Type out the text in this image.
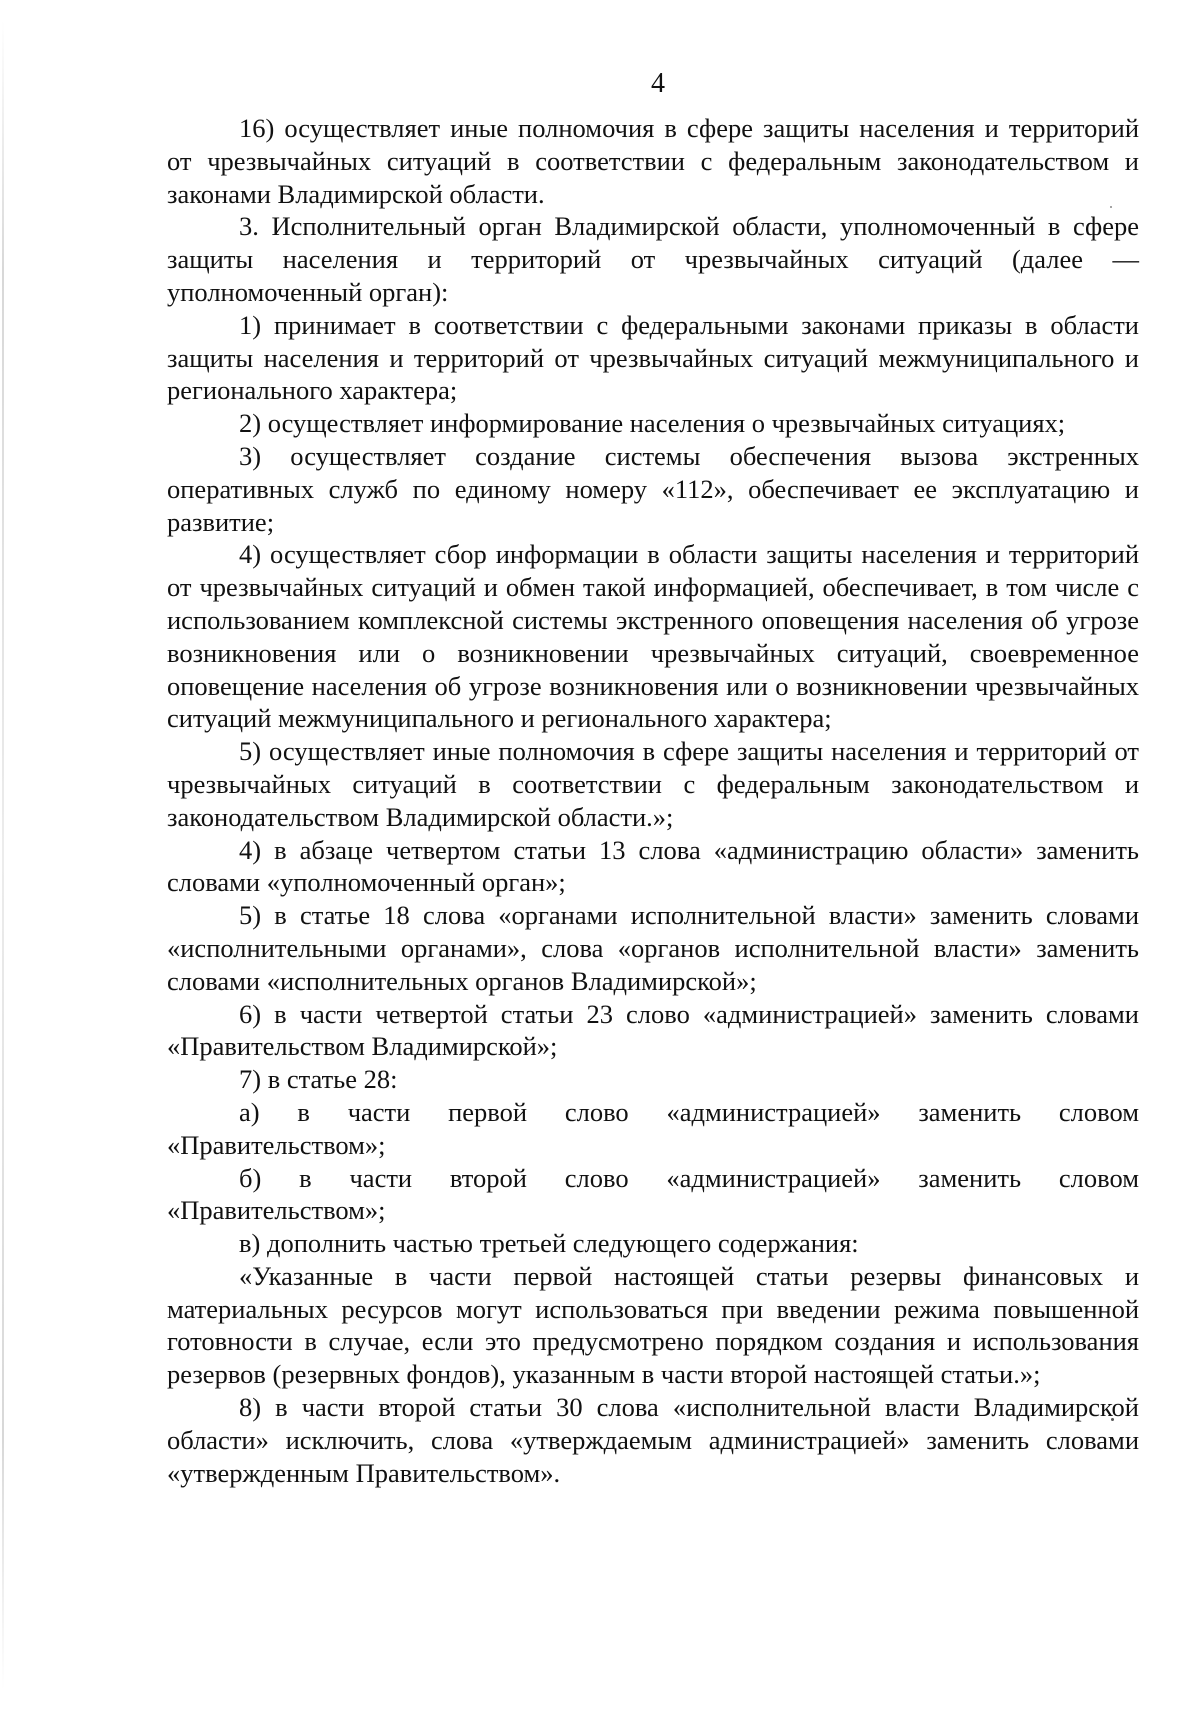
4

16) осуществляет иные полномочия в сфере защиты населения и территорий от чрезвычайных ситуаций в соответствии с федеральным законодательством и законами Владимирской области.

3. Исполнительный орган Владимирской области, уполномоченный в сфере защиты населения и территорий от чрезвычайных ситуаций (далее — уполномоченный орган):

1) принимает в соответствии с федеральными законами приказы в области защиты населения и территорий от чрезвычайных ситуаций межмуниципального и регионального характера;

2) осуществляет информирование населения о чрезвычайных ситуациях;

3) осуществляет создание системы обеспечения вызова экстренных оперативных служб по единому номеру «112», обеспечивает ее эксплуатацию и развитие;

4) осуществляет сбор информации в области защиты населения и территорий от чрезвычайных ситуаций и обмен такой информацией, обеспечивает, в том числе с использованием комплексной системы экстренного оповещения населения об угрозе возникновения или о возникновении чрезвычайных ситуаций, своевременное оповещение населения об угрозе возникновения или о возникновении чрезвычайных ситуаций межмуниципального и регионального характера;

5) осуществляет иные полномочия в сфере защиты населения и территорий от чрезвычайных ситуаций в соответствии с федеральным законодательством и законодательством Владимирской области.»;

4) в абзаце четвертом статьи 13 слова «администрацию области» заменить словами «уполномоченный орган»;

5) в статье 18 слова «органами исполнительной власти» заменить словами «исполнительными органами», слова «органов исполнительной власти» заменить словами «исполнительных органов Владимирской»;

6) в части четвертой статьи 23 слово «администрацией» заменить словами «Правительством Владимирской»;

7) в статье 28:

а) в части первой слово «администрацией» заменить словом «Правительством»;

б) в части второй слово «администрацией» заменить словом «Правительством»;

в) дополнить частью третьей следующего содержания:

«Указанные в части первой настоящей статьи резервы финансовых и материальных ресурсов могут использоваться при введении режима повышенной готовности в случае, если это предусмотрено порядком создания и использования резервов (резервных фондов), указанным в части второй настоящей статьи.»;

8) в части второй статьи 30 слова «исполнительной власти Владимирской области» исключить, слова «утверждаемым администрацией» заменить словами «утвержденным Правительством».
